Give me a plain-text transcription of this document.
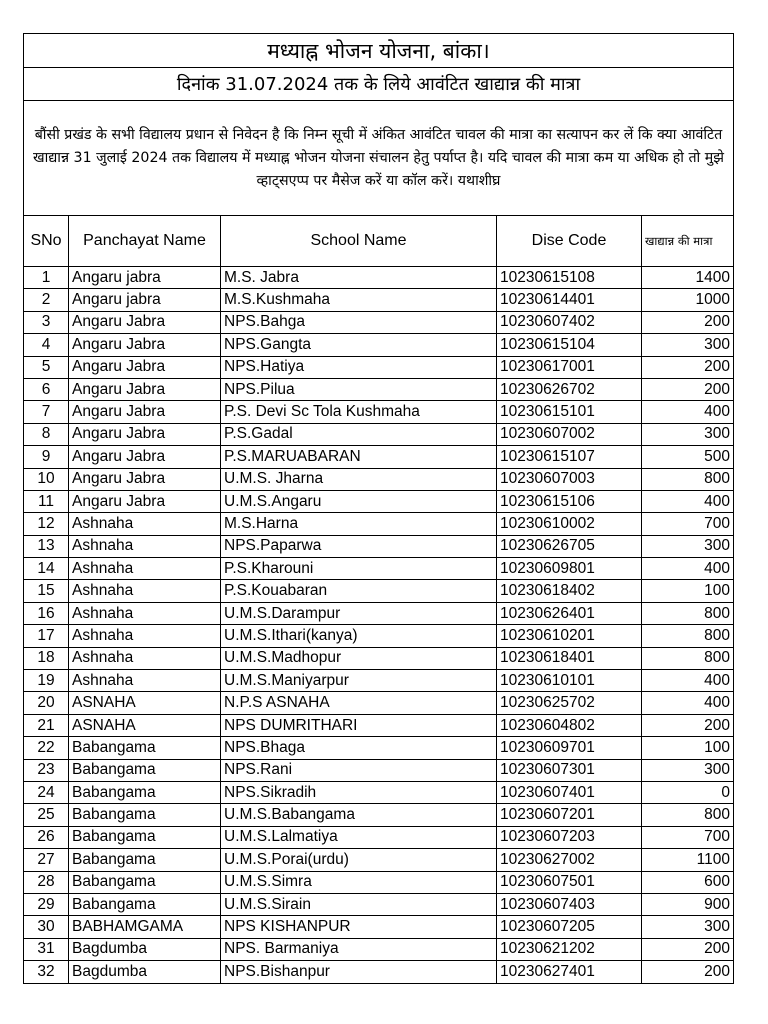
मध्याह्न भोजन योजना, बांका।				
दिनांक 31.07.2024 तक के लिये आवंटित खाद्यान्न की मात्रा				
बौंसी प्रखंड के सभी विद्यालय प्रधान से निवेदन है कि निम्न सूची में अंकित आवंटित चावल की मात्रा का सत्यापन कर लें कि क्या आवंटित खाद्यान्न 31 जुलाई 2024 तक विद्यालय में मध्याह्न भोजन योजना संचालन हेतु पर्याप्त है। यदि चावल की मात्रा कम या अधिक हो तो मुझे व्हाट्सएप्प पर मैसेज करें या कॉल करें। यथाशीघ्र				
SNo	Panchayat Name	School Name	Dise Code	खाद्यान्न की मात्रा
1	Angaru jabra	M.S. Jabra	10230615108	1400
2	Angaru jabra	M.S.Kushmaha	10230614401	1000
3	Angaru Jabra	NPS.Bahga	10230607402	200
4	Angaru Jabra	NPS.Gangta	10230615104	300
5	Angaru Jabra	NPS.Hatiya	10230617001	200
6	Angaru Jabra	NPS.Pilua	10230626702	200
7	Angaru Jabra	P.S. Devi Sc Tola Kushmaha	10230615101	400
8	Angaru Jabra	P.S.Gadal	10230607002	300
9	Angaru Jabra	P.S.MARUABARAN	10230615107	500
10	Angaru Jabra	U.M.S. Jharna	10230607003	800
11	Angaru Jabra	U.M.S.Angaru	10230615106	400
12	Ashnaha	M.S.Harna	10230610002	700
13	Ashnaha	NPS.Paparwa	10230626705	300
14	Ashnaha	P.S.Kharouni	10230609801	400
15	Ashnaha	P.S.Kouabaran	10230618402	100
16	Ashnaha	U.M.S.Darampur	10230626401	800
17	Ashnaha	U.M.S.Ithari(kanya)	10230610201	800
18	Ashnaha	U.M.S.Madhopur	10230618401	800
19	Ashnaha	U.M.S.Maniyarpur	10230610101	400
20	ASNAHA	N.P.S ASNAHA	10230625702	400
21	ASNAHA	NPS DUMRITHARI	10230604802	200
22	Babangama	NPS.Bhaga	10230609701	100
23	Babangama	NPS.Rani	10230607301	300
24	Babangama	NPS.Sikradih	10230607401	0
25	Babangama	U.M.S.Babangama	10230607201	800
26	Babangama	U.M.S.Lalmatiya	10230607203	700
27	Babangama	U.M.S.Porai(urdu)	10230627002	1100
28	Babangama	U.M.S.Simra	10230607501	600
29	Babangama	U.M.S.Sirain	10230607403	900
30	BABHAMGAMA	NPS KISHANPUR	10230607205	300
31	Bagdumba	NPS. Barmaniya	10230621202	200
32	Bagdumba	NPS.Bishanpur	10230627401	200
